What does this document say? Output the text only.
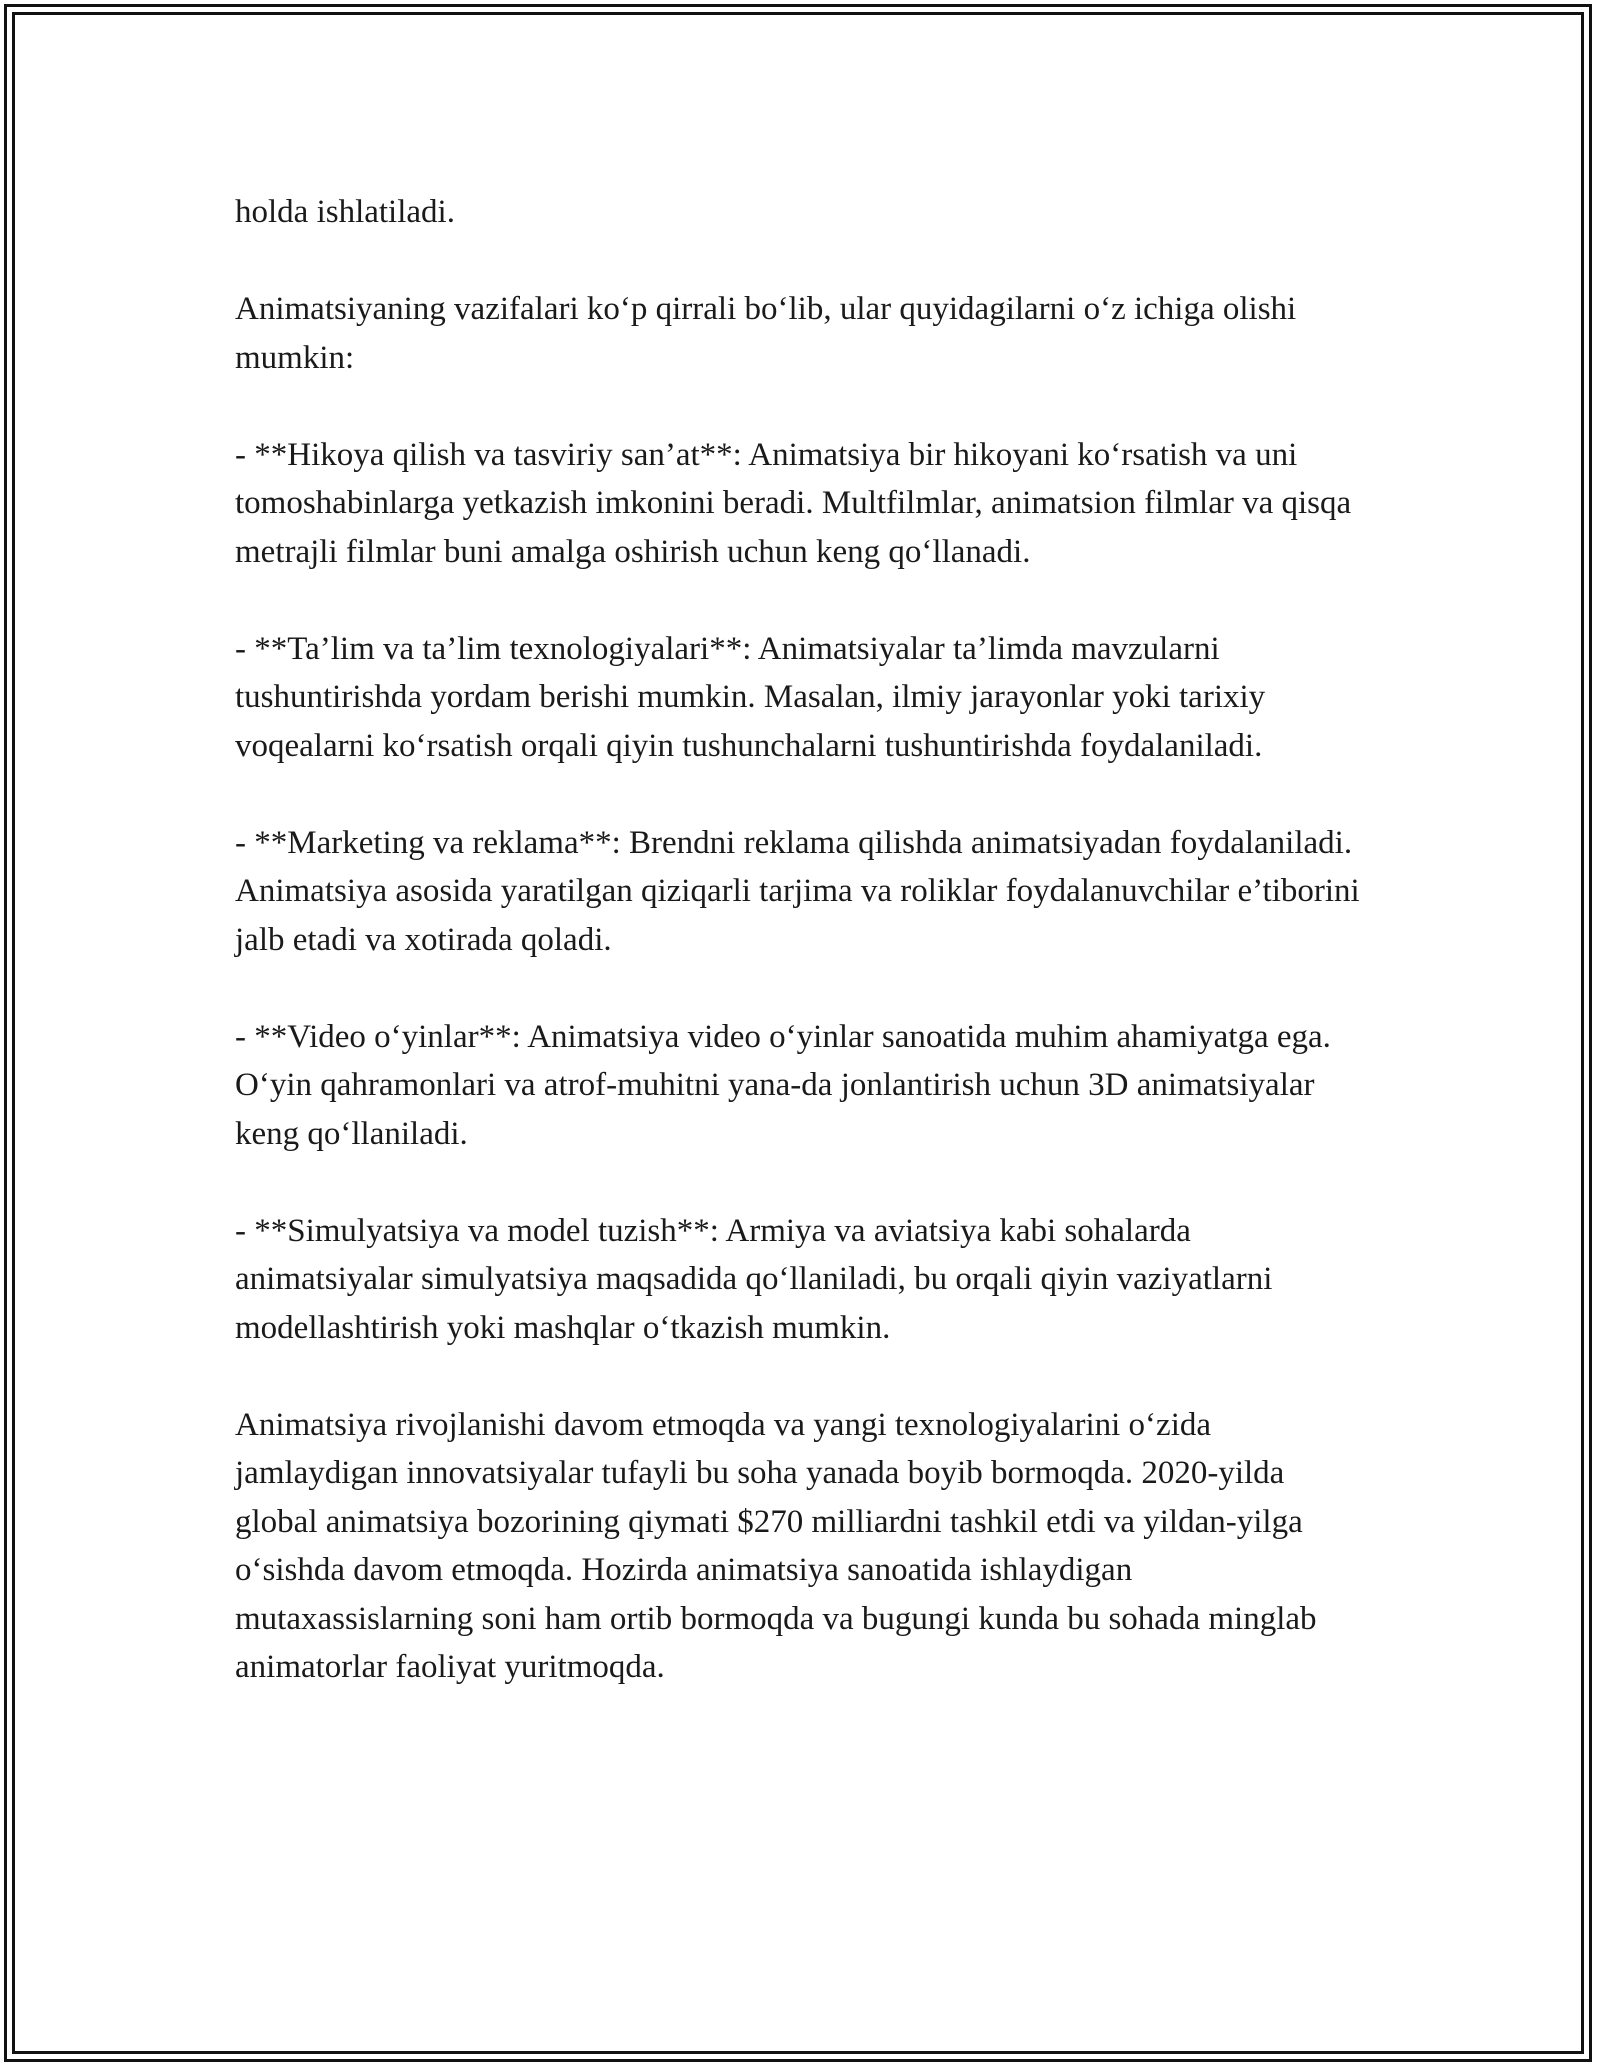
holda ishlatiladi.

Animatsiyaning vazifalari ko‘p qirrali bo‘lib, ular quyidagilarni o‘z ichiga olishi mumkin:

- **Hikoya qilish va tasviriy san’at**: Animatsiya bir hikoyani ko‘rsatish va uni tomoshabinlarga yetkazish imkonini beradi. Multfilmlar, animatsion filmlar va qisqa metrajli filmlar buni amalga oshirish uchun keng qo‘llanadi.

- **Ta’lim va ta’lim texnologiyalari**: Animatsiyalar ta’limda mavzularni tushuntirishda yordam berishi mumkin. Masalan, ilmiy jarayonlar yoki tarixiy voqealarni ko‘rsatish orqali qiyin tushunchalarni tushuntirishda foydalaniladi.

- **Marketing va reklama**: Brendni reklama qilishda animatsiyadan foydalaniladi. Animatsiya asosida yaratilgan qiziqarli tarjima va roliklar foydalanuvchilar e’tiborini jalb etadi va xotirada qoladi.

- **Video o‘yinlar**: Animatsiya video o‘yinlar sanoatida muhim ahamiyatga ega. O‘yin qahramonlari va atrof-muhitni yana-da jonlantirish uchun 3D animatsiyalar keng qo‘llaniladi.

- **Simulyatsiya va model tuzish**: Armiya va aviatsiya kabi sohalarda animatsiyalar simulyatsiya maqsadida qo‘llaniladi, bu orqali qiyin vaziyatlarni modellashtirish yoki mashqlar o‘tkazish mumkin.

Animatsiya rivojlanishi davom etmoqda va yangi texnologiyalarini o‘zida jamlaydigan innovatsiyalar tufayli bu soha yanada boyib bormoqda. 2020-yilda global animatsiya bozorining qiymati $270 milliardni tashkil etdi va yildan-yilga o‘sishda davom etmoqda. Hozirda animatsiya sanoatida ishlaydigan mutaxassislarning soni ham ortib bormoqda va bugungi kunda bu sohada minglab animatorlar faoliyat yuritmoqda.
